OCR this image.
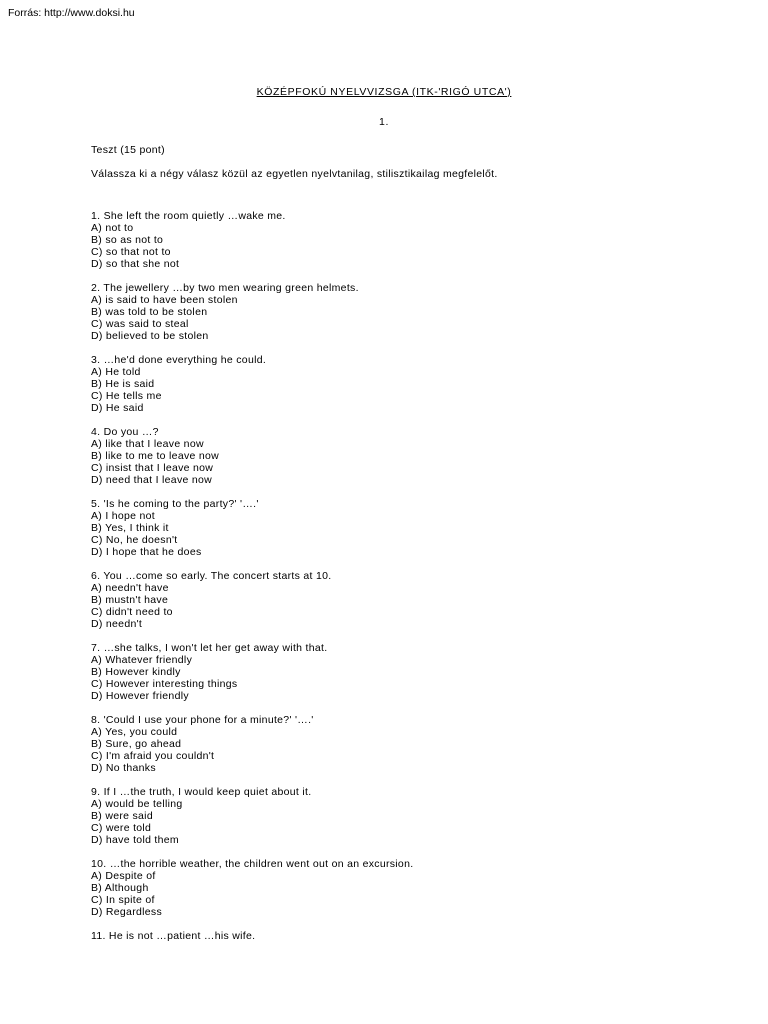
Forrás: http://www.doksi.hu
KÖZÉPFOKÚ NYELVVIZSGA (ITK-'RIGÓ UTCA')
1.

Teszt (15 pont)

Válassza ki a négy válasz közül az egyetlen nyelvtanilag, stilisztikailag megfelelőt.

1. She left the room quietly …wake me.
A) not to
B) so as not to
C) so that not to
D) so that she not
2. The jewellery …by two men wearing green helmets.
A) is said to have been stolen
B) was told to be stolen
C) was said to steal
D) believed to be stolen
3. …he'd done everything he could.
A) He told
B) He is said
C) He tells me
D) He said
4. Do you …?
A) like that I leave now
B) like to me to leave now
C) insist that I leave now
D) need that I leave now
5. 'Is he coming to the party?' '….'
A) I hope not
B) Yes, I think it
C) No, he doesn't
D) I hope that he does
6. You …come so early. The concert starts at 10.
A) needn't have
B) mustn't have
C) didn't need to
D) needn't
7. …she talks, I won't let her get away with that.
A) Whatever friendly
B) However kindly
C) However interesting things
D) However friendly
8. 'Could I use your phone for a minute?' '….'
A) Yes, you could
B) Sure, go ahead
C) I'm afraid you couldn't
D) No thanks
9. If I …the truth, I would keep quiet about it.
A) would be telling
B) were said
C) were told
D) have told them
10. …the horrible weather, the children went out on an excursion.
A) Despite of
B) Although
C) In spite of
D) Regardless
11. He is not …patient …his wife.
